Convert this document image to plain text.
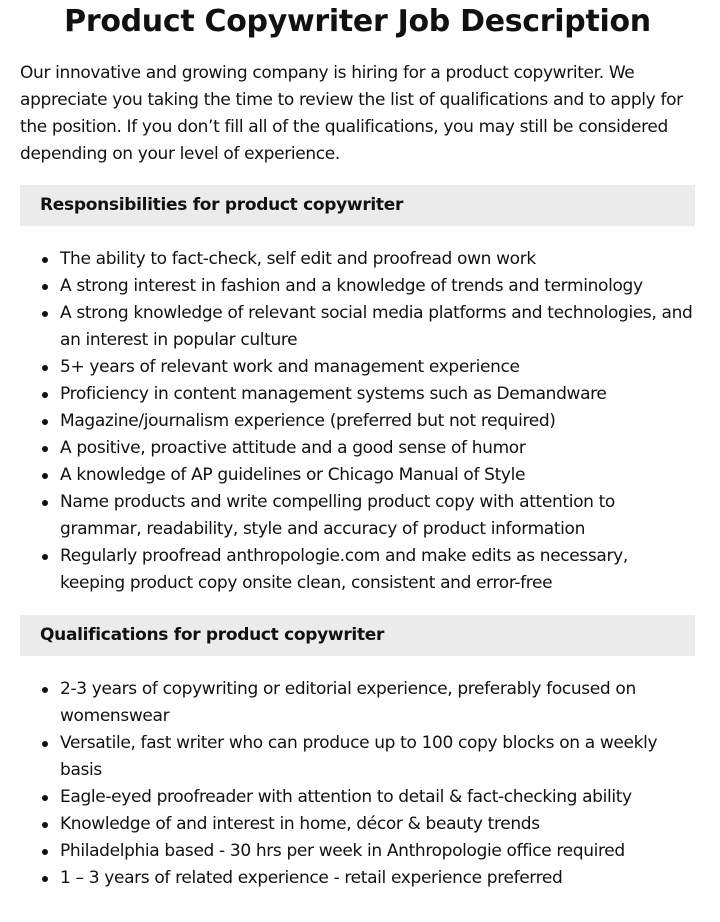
Product Copywriter Job Description

Our innovative and growing company is hiring for a product copywriter. We appreciate you taking the time to review the list of qualifications and to apply for the position. If you don’t fill all of the qualifications, you may still be considered depending on your level of experience.

Responsibilities for product copywriter
The ability to fact-check, self edit and proofread own work
A strong interest in fashion and a knowledge of trends and terminology
A strong knowledge of relevant social media platforms and technologies, and an interest in popular culture
5+ years of relevant work and management experience
Proficiency in content management systems such as Demandware
Magazine/journalism experience (preferred but not required)
A positive, proactive attitude and a good sense of humor
A knowledge of AP guidelines or Chicago Manual of Style
Name products and write compelling product copy with attention to grammar, readability, style and accuracy of product information
Regularly proofread anthropologie.com and make edits as necessary, keeping product copy onsite clean, consistent and error-free
Qualifications for product copywriter
2-3 years of copywriting or editorial experience, preferably focused on womenswear
Versatile, fast writer who can produce up to 100 copy blocks on a weekly basis
Eagle-eyed proofreader with attention to detail & fact-checking ability
Knowledge of and interest in home, décor & beauty trends
Philadelphia based - 30 hrs per week in Anthropologie office required
1 – 3 years of related experience - retail experience preferred
